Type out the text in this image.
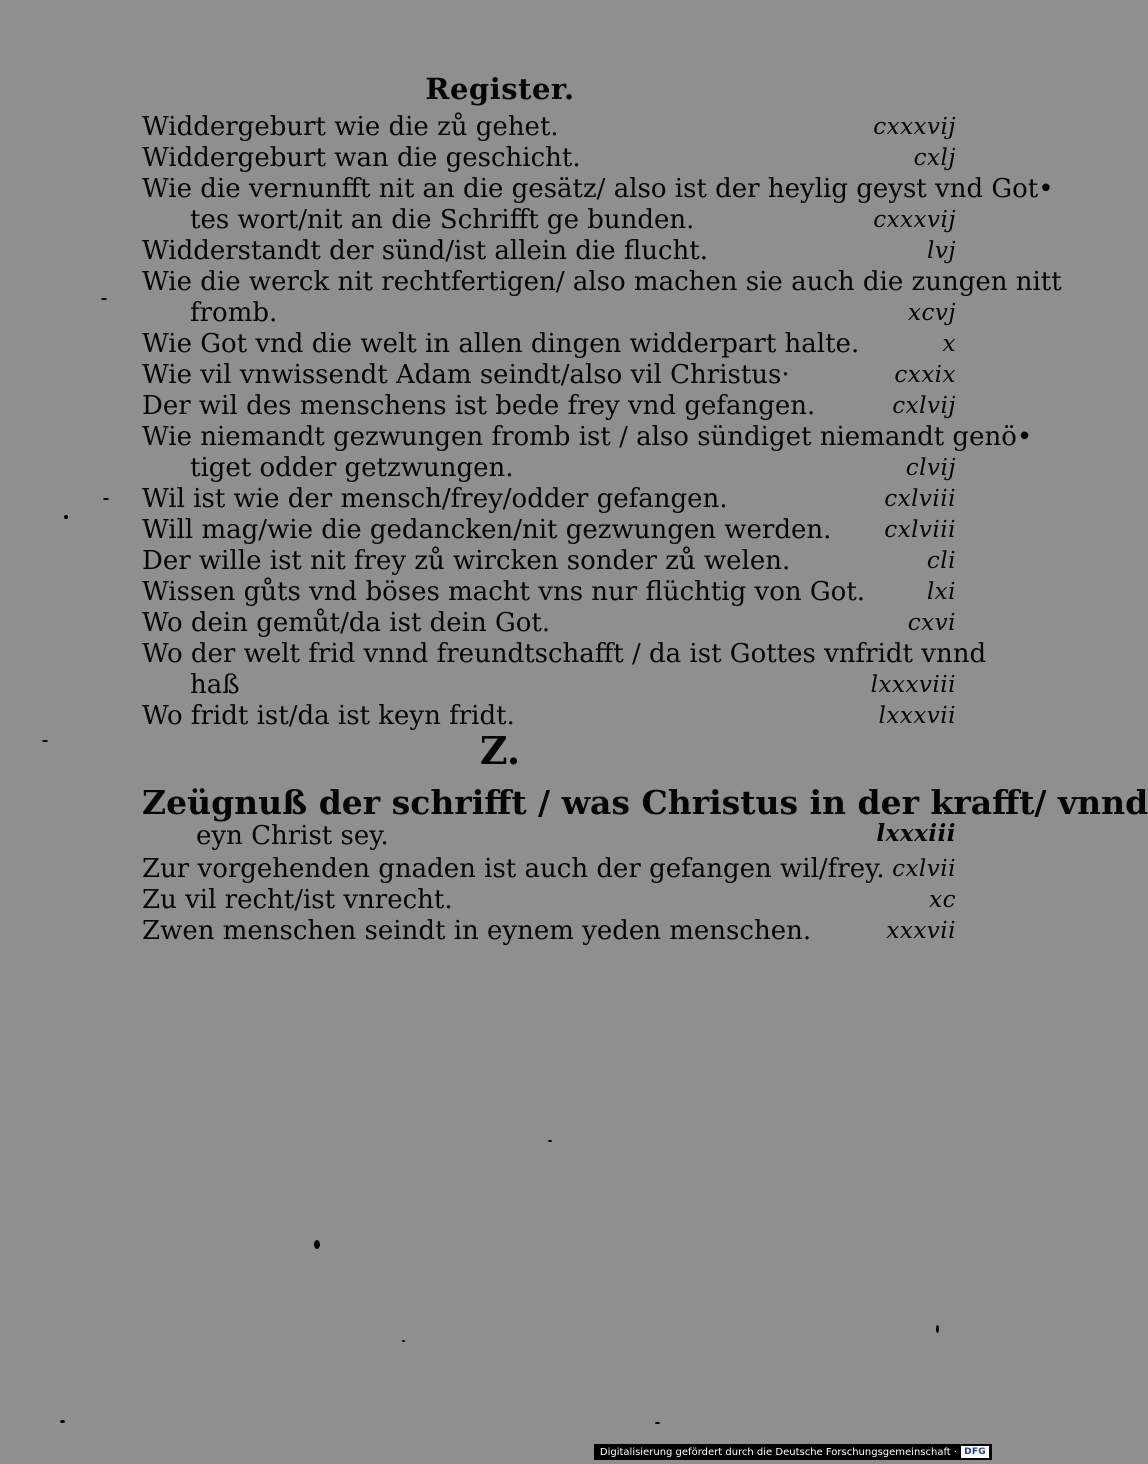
Register.
Widdergeburt wie die zů gehet.	cxxxvij
Widdergeburt wan die geschicht.	cxlj
Wie die vernunfft nit an die gesätz/ also ist der heylig geyst vnd Got•
tes wort/nit an die Schrifft ge bunden.	cxxxvij
Widderstandt der sünd/ist allein die flucht.	lvj
Wie die werck nit rechtfertigen/ also machen sie auch die zungen nitt
fromb.	xcvj
Wie Got vnd die welt in allen dingen widderpart halte.	x
Wie vil vnwissendt Adam seindt/also vil Christus·	cxxix
Der wil des menschens ist bede frey vnd gefangen.	cxlvij
Wie niemandt gezwungen fromb ist / also sündiget niemandt genö•
tiget odder getzwungen.	clvij
Wil ist wie der mensch/frey/odder gefangen.	cxlviii
Will mag/wie die gedancken/nit gezwungen werden. cxlviii
Der wille ist nit frey zů wircken sonder zů welen.	cli
Wissen gůts vnd böses macht vns nur flüchtig von Got.	lxi
Wo dein gemůt/da ist dein Got.	cxvi
Wo der welt frid vnnd freundtschafft / da ist Gottes vnfridt vnnd
haß	lxxxviii
Wo fridt ist/da ist keyn fridt.	lxxxvii
Z.
Zeügnuß der schrifft / was Christus in der krafft/ vnnd
eyn Christ sey.	lxxxiii
Zur vorgehenden gnaden ist auch der gefangen wil/frey. cxlvii
Zu vil recht/ist vnrecht.	xc
Zwen menschen seindt in eynem yeden menschen.	xxxvii
Digitalisierung gefördert durch die Deutsche Forschungsgemeinschaft · DFG
